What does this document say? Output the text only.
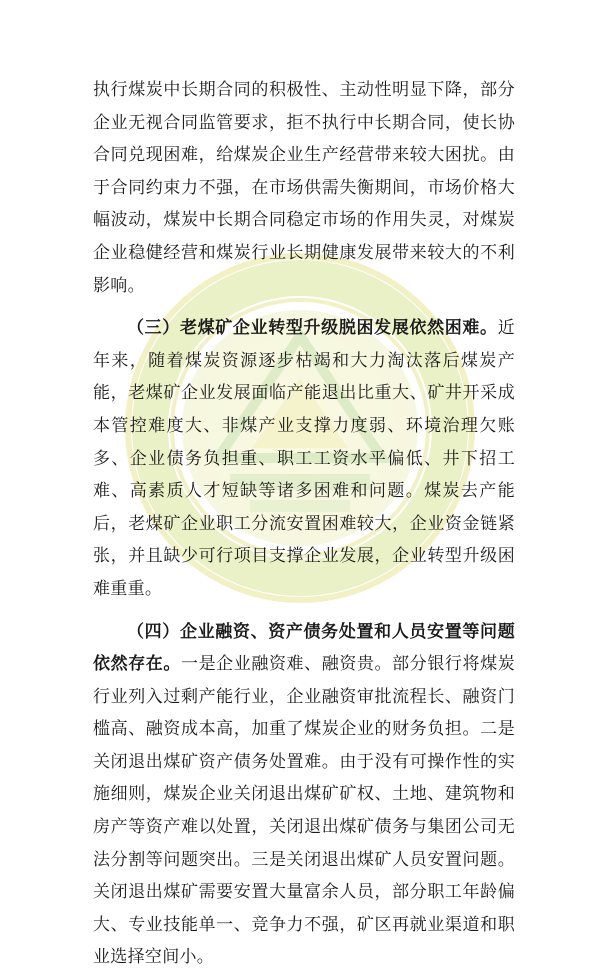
执行煤炭中长期合同的积极性、主动性明显下降，部分企业无视合同监管要求，拒不执行中长期合同，使长协合同兑现困难，给煤炭企业生产经营带来较大困扰。由于合同约束力不强，在市场供需失衡期间，市场价格大幅波动，煤炭中长期合同稳定市场的作用失灵，对煤炭企业稳健经营和煤炭行业长期健康发展带来较大的不利影响。

（三）老煤矿企业转型升级脱困发展依然困难。近年来，随着煤炭资源逐步枯竭和大力淘汰落后煤炭产能，老煤矿企业发展面临产能退出比重大、矿井开采成本管控难度大、非煤产业支撑力度弱、环境治理欠账多、企业债务负担重、职工工资水平偏低、井下招工难、高素质人才短缺等诸多困难和问题。煤炭去产能后，老煤矿企业职工分流安置困难较大，企业资金链紧张，并且缺少可行项目支撑企业发展，企业转型升级困难重重。

（四）企业融资、资产债务处置和人员安置等问题依然存在。一是企业融资难、融资贵。部分银行将煤炭行业列入过剩产能行业，企业融资审批流程长、融资门槛高、融资成本高，加重了煤炭企业的财务负担。二是关闭退出煤矿资产债务处置难。由于没有可操作性的实施细则，煤炭企业关闭退出煤矿矿权、土地、建筑物和房产等资产难以处置，关闭退出煤矿债务与集团公司无法分割等问题突出。三是关闭退出煤矿人员安置问题。关闭退出煤矿需要安置大量富余人员，部分职工年龄偏大、专业技能单一、竞争力不强，矿区再就业渠道和职业选择空间小。
